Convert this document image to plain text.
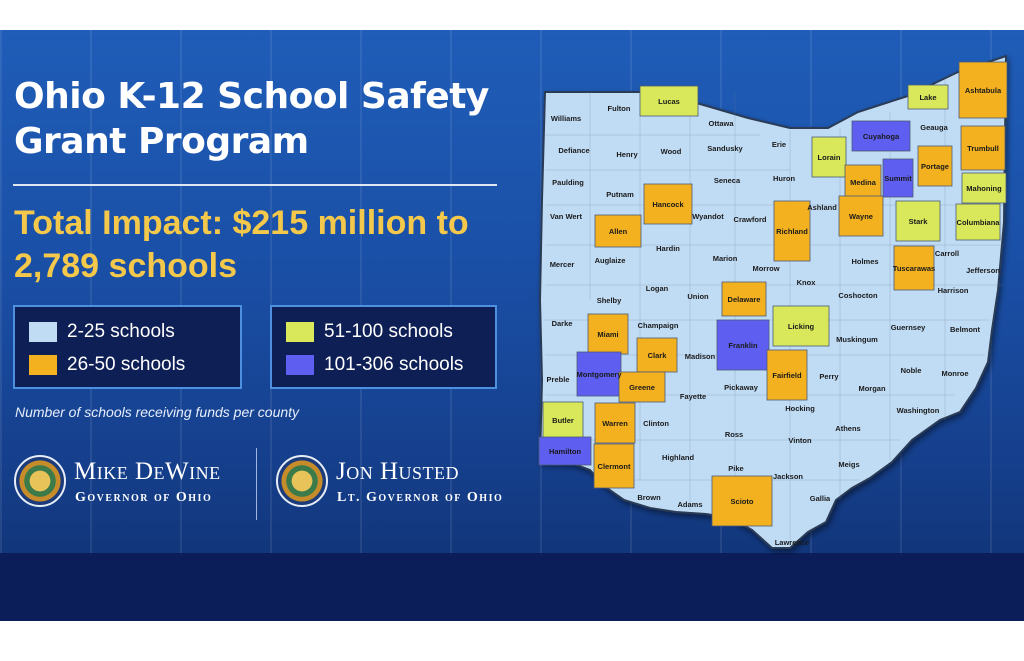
Ohio K-12 School Safety
Grant Program
Total Impact: $215 million to
2,789 schools
2-25 schools
26-50 schools
51-100 schools
101-306 schools
Number of schools receiving funds per county
Mike DeWine
Governor of Ohio
Jon Husted
Lt. Governor of Ohio
Williams
Fulton
Lucas
Ottawa
Defiance	Henry	Wood	Sandusky	Erie
Lake
Ashtabula
Geauga
Cuyahoga
Lorain
Portage
Trumbull
Summit
Medina
Huron
Seneca
Paulding
Putnam
Hancock
Mahoning
Van Wert	Wyandot Crawford
Richland
Ashland
Wayne
Stark	Columbiana
Allen
Hardin
Marion
Morrow
Holmes
Carroll
Mercer	Auglaize
Tuscarawas	Jefferson
Logan
Union	Delaware
Knox
Coshocton
Harrison
Shelby
Darke	Champaign	Licking	Guernsey	Belmont
Miami
Clark
Franklin
Muskingum
Madison
Montgomery	Noble	Monroe
Preble
Greene
Fayette
Pickaway
Fairfield Perry
Morgan
Washington
Hocking
Butler	Warren Clinton
Athens
Ross
Vinton
Hamilton
Highland
Meigs
Clermont	Pike
Jackson
Gallia
Brown
Adams	Scioto
Lawrence
